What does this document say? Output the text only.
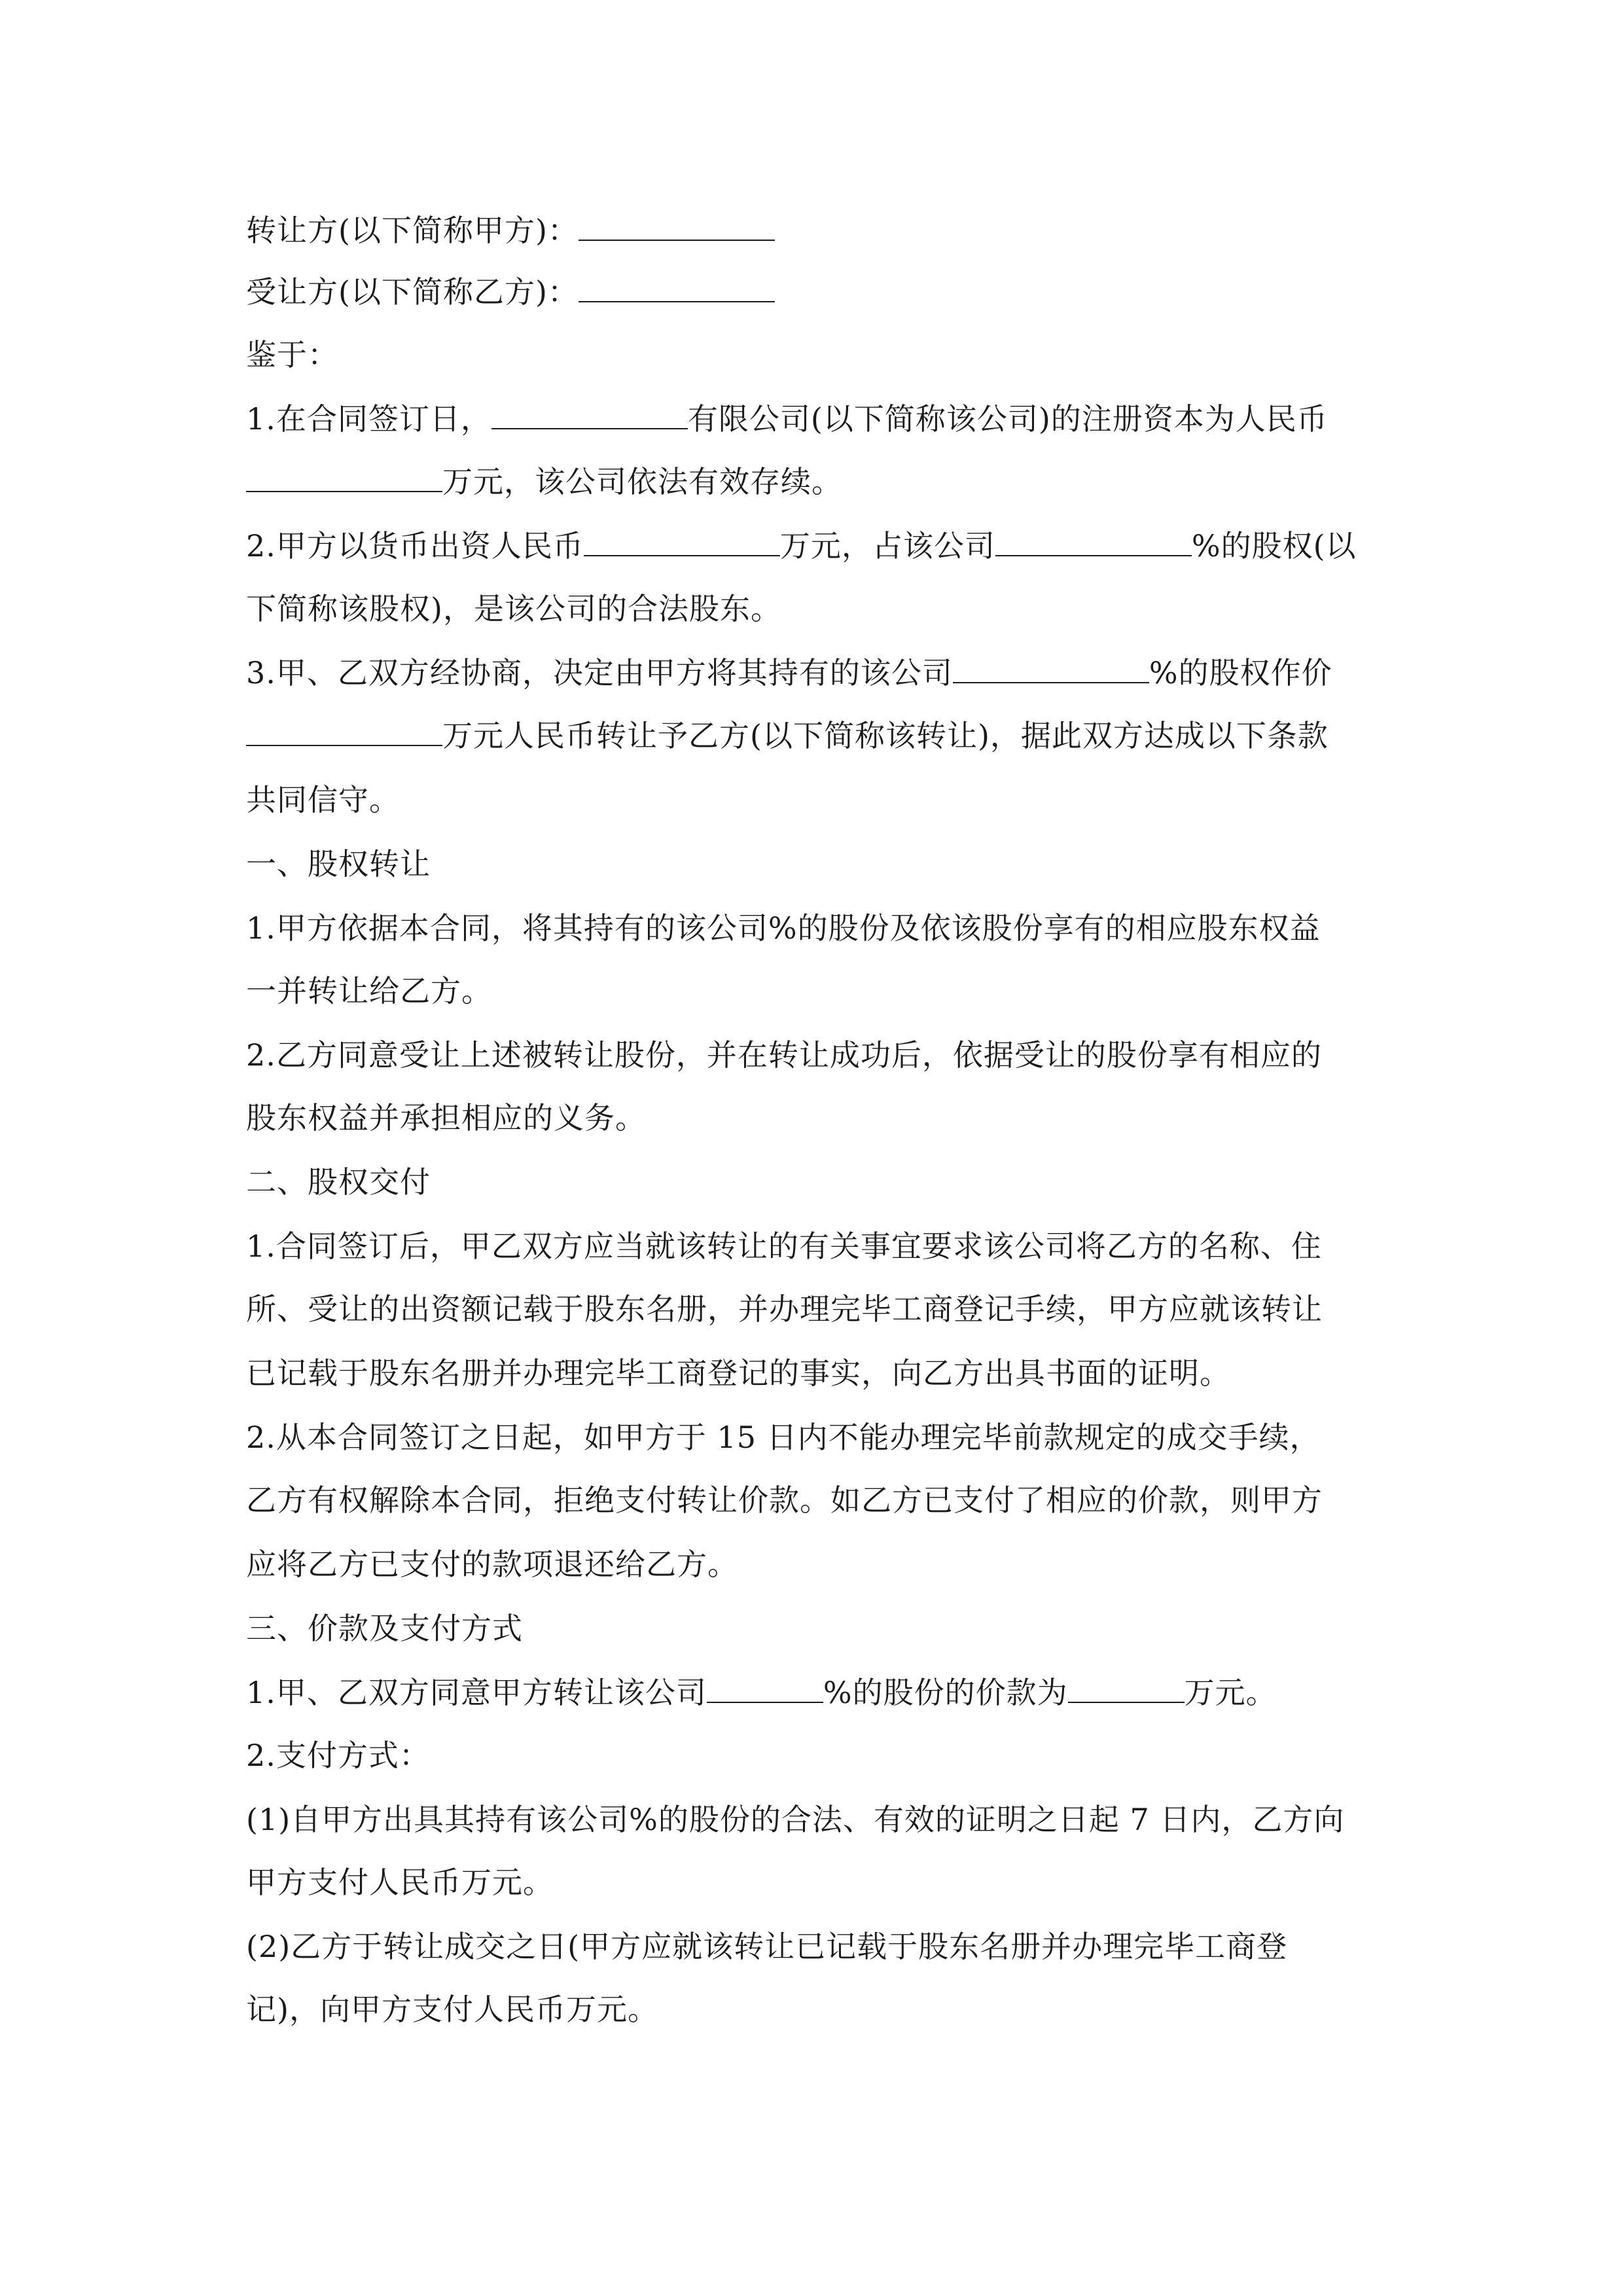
转让方(以下简称甲方)：
受让方(以下简称乙方)：
鉴于：
1.在合同签订日，	有限公司(以下简称该公司)的注册资本为人民币
万元，该公司依法有效存续。
2.甲方以货币出资人民币	万元，占该公司	%的股权(以
下简称该股权)，是该公司的合法股东。
3.甲、乙双方经协商，决定由甲方将其持有的该公司	%的股权作价
万元人民币转让予乙方(以下简称该转让)，据此双方达成以下条款
共同信守。
一、股权转让
1.甲方依据本合同，将其持有的该公司%的股份及依该股份享有的相应股东权益
一并转让给乙方。
2.乙方同意受让上述被转让股份，并在转让成功后，依据受让的股份享有相应的
股东权益并承担相应的义务。
二、股权交付
1.合同签订后，甲乙双方应当就该转让的有关事宜要求该公司将乙方的名称、住
所、受让的出资额记载于股东名册，并办理完毕工商登记手续，甲方应就该转让
已记载于股东名册并办理完毕工商登记的事实，向乙方出具书面的证明。
2.从本合同签订之日起，如甲方于 15 日内不能办理完毕前款规定的成交手续，
乙方有权解除本合同，拒绝支付转让价款。如乙方已支付了相应的价款，则甲方
应将乙方已支付的款项退还给乙方。
三、价款及支付方式
1.甲、乙双方同意甲方转让该公司	%的股份的价款为	万元。
2.支付方式：
(1)自甲方出具其持有该公司%的股份的合法、有效的证明之日起 7 日内，乙方向
甲方支付人民币万元。
(2)乙方于转让成交之日(甲方应就该转让已记载于股东名册并办理完毕工商登
记)，向甲方支付人民币万元。
